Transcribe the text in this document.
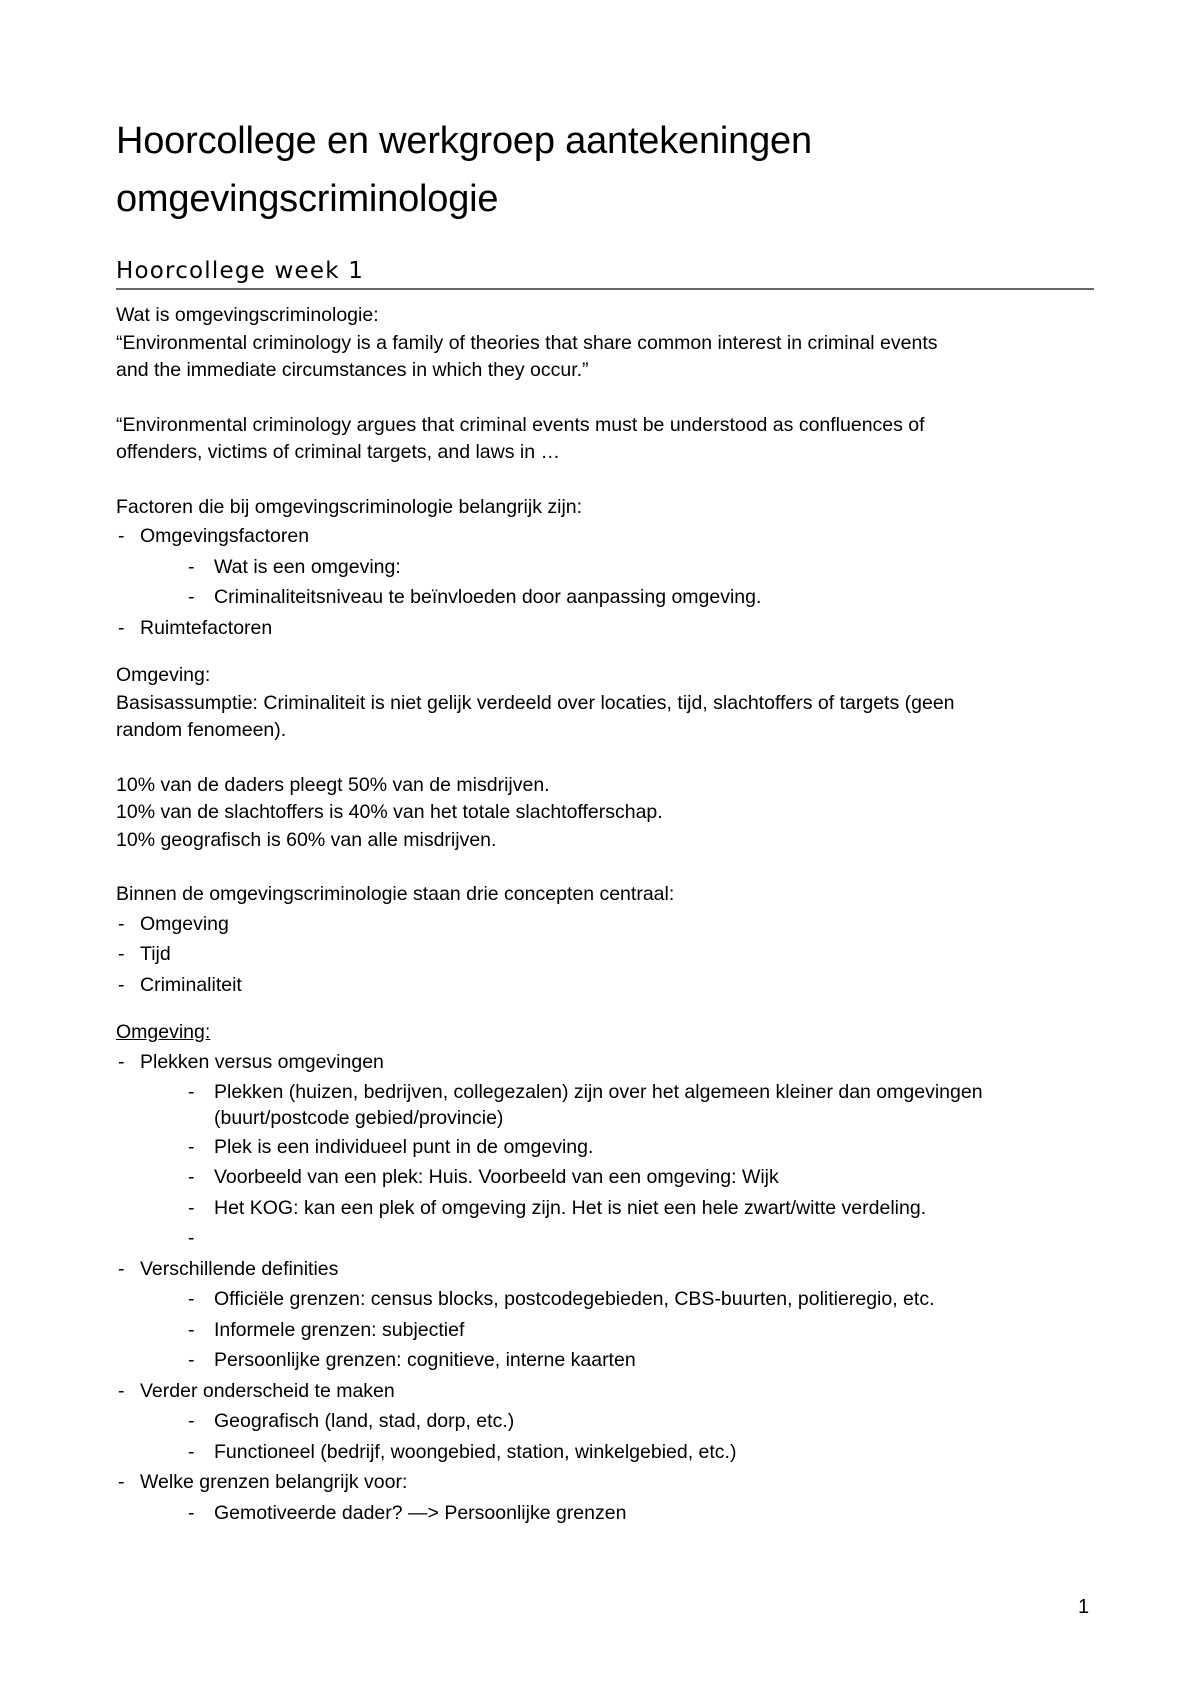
Hoorcollege en werkgroep aantekeningen
omgevingscriminologie
Hoorcollege week 1
Wat is omgevingscriminologie:
“Environmental criminology is a family of theories that share common interest in criminal events
and the immediate circumstances in which they occur.”
“Environmental criminology argues that criminal events must be understood as confluences of
offenders, victims of criminal targets, and laws in …
Factoren die bij omgevingscriminologie belangrijk zijn:
- Omgevingsfactoren
- Wat is een omgeving:
- Criminaliteitsniveau te beïnvloeden door aanpassing omgeving.
- Ruimtefactoren
Omgeving:
Basisassumptie: Criminaliteit is niet gelijk verdeeld over locaties, tijd, slachtoffers of targets (geen
random fenomeen).
10% van de daders pleegt 50% van de misdrijven.
10% van de slachtoffers is 40% van het totale slachtofferschap.
10% geografisch is 60% van alle misdrijven.
Binnen de omgevingscriminologie staan drie concepten centraal:
- Omgeving
- Tijd
- Criminaliteit
Omgeving:
- Plekken versus omgevingen
- Plekken (huizen, bedrijven, collegezalen) zijn over het algemeen kleiner dan omgevingen
(buurt/postcode gebied/provincie)
- Plek is een individueel punt in de omgeving.
- Voorbeeld van een plek: Huis. Voorbeeld van een omgeving: Wijk
- Het KOG: kan een plek of omgeving zijn. Het is niet een hele zwart/witte verdeling.
-

- Verschillende definities
- Officiële grenzen: census blocks, postcodegebieden, CBS-buurten, politieregio, etc.
- Informele grenzen: subjectief
- Persoonlijke grenzen: cognitieve, interne kaarten
- Verder onderscheid te maken
- Geografisch (land, stad, dorp, etc.)
- Functioneel (bedrijf, woongebied, station, winkelgebied, etc.)
- Welke grenzen belangrijk voor:
- Gemotiveerde dader? —> Persoonlijke grenzen
1
